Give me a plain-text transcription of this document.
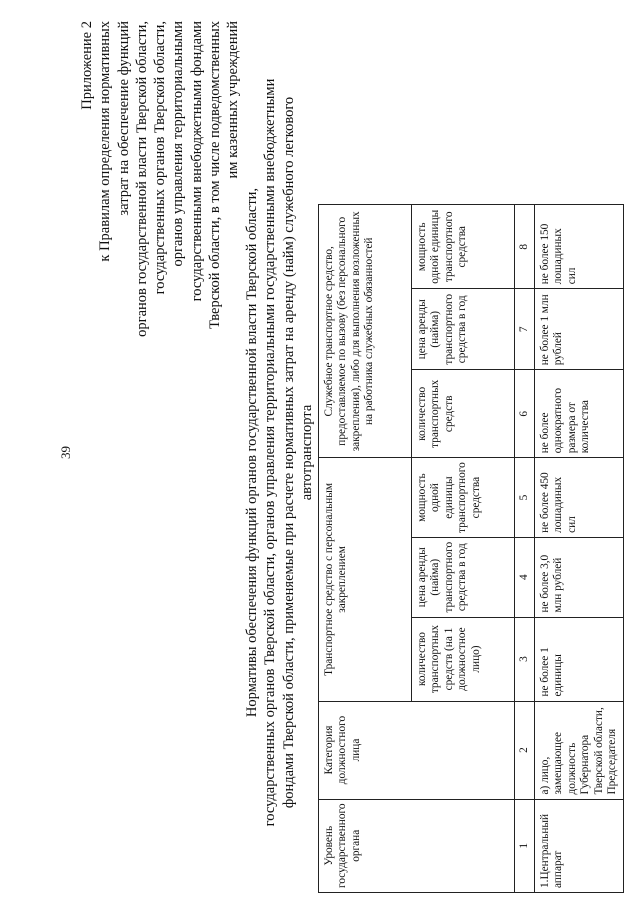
39
Приложение 2 к Правилам определения нормативных затрат на обеспечение функций органов государственной власти Тверской области, государственных органов Тверской области, органов управления территориальными государственными внебюджетными фондами Тверской области, в том числе подведомственных им казенных учреждений
Нормативы обеспечения функций органов государственной власти Тверской области, государственных органов Тверской области, органов управления территориальными государственными внебюджетными фондами Тверской области, применяемые при расчете нормативных затрат на аренду (найм) служебного легкового автотранспорта
Уровень государственного органа	Категория должностного лица	Транспортное средство с персональным закреплением			Служебное транспортное средство, предоставляемое по вызову (без персонального закрепления), либо для выполнения возложенных на работника служебных обязанностей		
		количество транспортных средств (на 1 должностное лицо)	цена аренды (найма) транспортного средства в год	мощность одной единицы транспортного средства	количество транспортных средств	цена аренды (найма) транспортного средства в год	мощность одной единицы транспортного средства
1	2	3	4	5	6	7	8
1.Центральный аппарат	а) лицо, замещающее должность Губернатора Тверской области, Председателя	не более 1 единицы	не более 3,0 млн рублей	не более 450 лошадиных сил	не более однократного размера от количества	не более 1 млн рублей	не более 150 лошадиных сил
